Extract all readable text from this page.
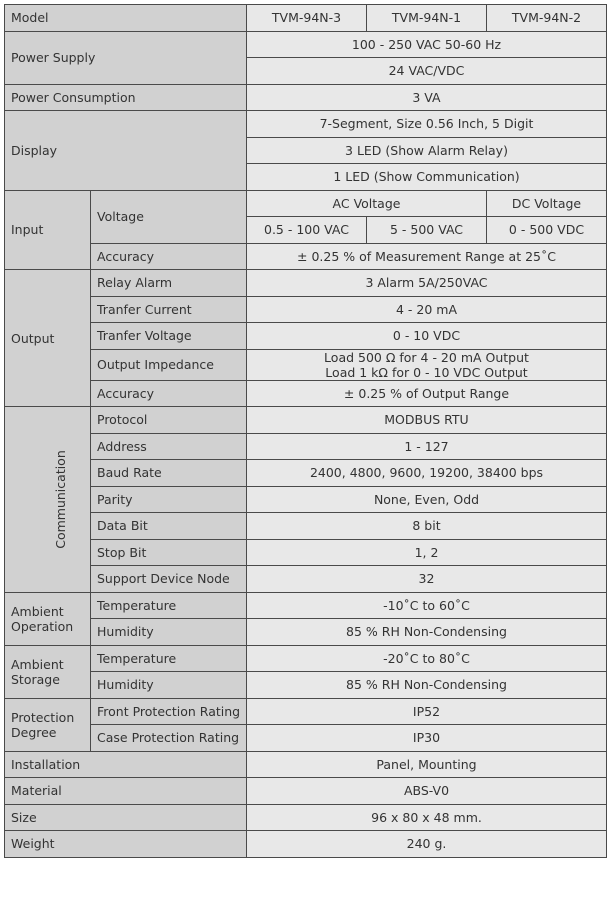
Model		TVM-94N-3	TVM-94N-1	TVM-94N-2
Power Supply		100 - 250 VAC 50-60 Hz		
		24 VAC/VDC		
Power Consumption		3 VA		
Display		7-Segment, Size 0.56 Inch, 5 Digit		
		3 LED (Show Alarm Relay)		
		1 LED (Show Communication)		
Input	Voltage	AC Voltage		DC Voltage
		0.5 - 100 VAC	5 - 500 VAC	0 - 500 VDC
	Accuracy	± 0.25 % of Measurement Range at 25˚C		
Output	Relay Alarm	3 Alarm 5A/250VAC		
	Tranfer Current	4 - 20 mA		
	Tranfer Voltage	0 - 10 VDC		
	Output Impedance	Load 500 Ω for 4 - 20 mA Output
Load 1 kΩ for 0 - 10 VDC Output		

	Accuracy	± 0.25 % of Output Range		
Communication	Protocol	MODBUS RTU		
	Address	1 - 127		
	Baud Rate	2400, 4800, 9600, 19200, 38400 bps		
	Parity	None, Even, Odd		
	Data Bit	8 bit		
	Stop Bit	1, 2		
	Support Device Node	32		

Ambient
Operation	Temperature	-10˚C to 60˚C		
	Humidity	85 % RH Non-Condensing		

Ambient
Storage	Temperature	-20˚C to 80˚C		
	Humidity	85 % RH Non-Condensing		

Protection
Degree	Front Protection Rating	IP52		
	Case Protection Rating	IP30		
Installation		Panel, Mounting		
Material		ABS-V0		
Size		96 x 80 x 48 mm.		
Weight		240 g.		
